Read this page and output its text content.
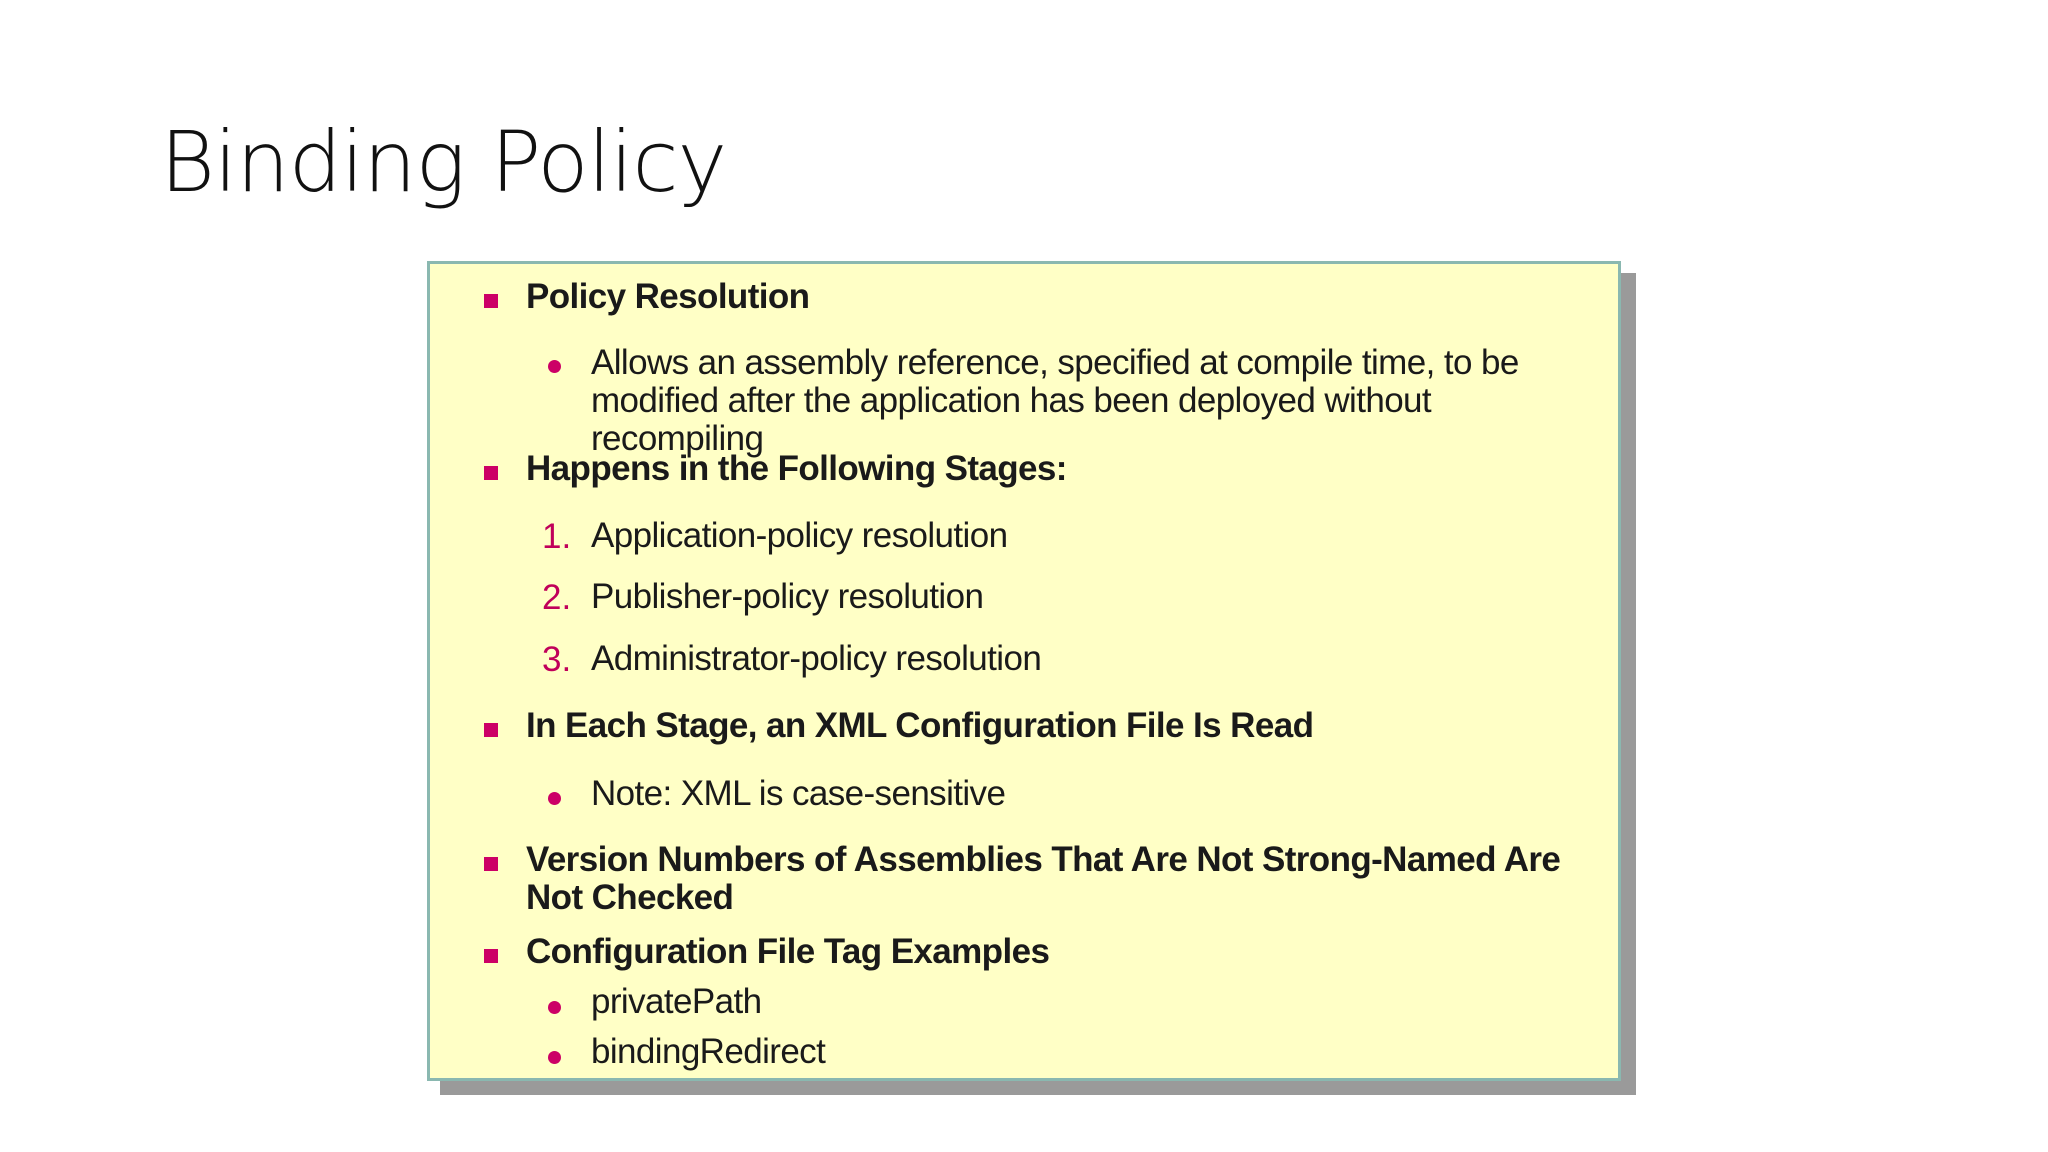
Binding Policy
Policy Resolution
Allows an assembly reference, specified at compile time, to be modified after the application has been deployed without recompiling
Happens in the Following Stages:
1. Application-policy resolution
2. Publisher-policy resolution
3. Administrator-policy resolution
In Each Stage, an XML Configuration File Is Read
Note: XML is case-sensitive
Version Numbers of Assemblies That Are Not Strong-Named Are Not Checked
Configuration File Tag Examples
privatePath
bindingRedirect
